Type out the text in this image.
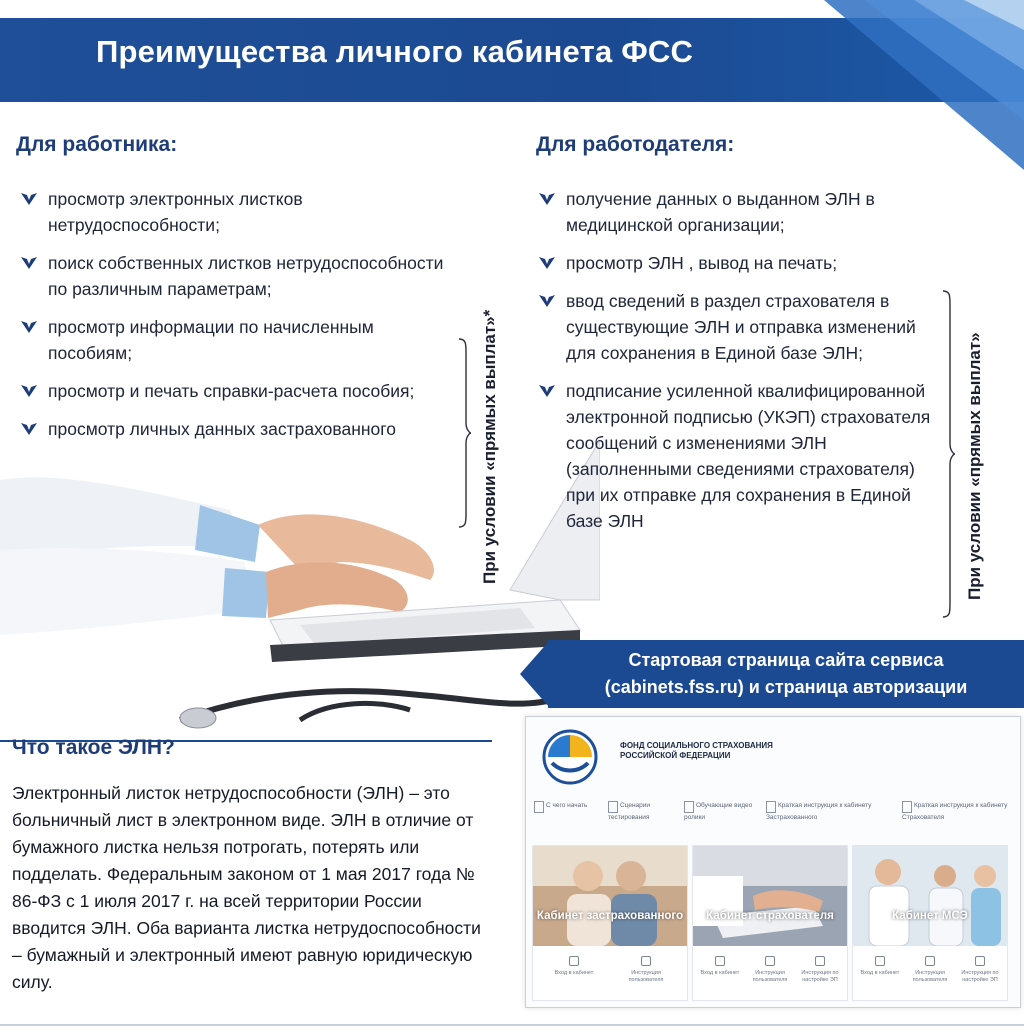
Преимущества личного кабинета ФСС
Для работника:
просмотр электронных листков нетрудоспособности;
поиск собственных листков нетрудоспособности по различным параметрам;
просмотр информации по начисленным пособиям;
просмотр и печать справки-расчета пособия;
просмотр личных данных застрахованного	При условии «прямых выплат»*
Для работодателя:
получение данных о выданном ЭЛН в медицинской организации;
просмотр ЭЛН , вывод на печать;
ввод сведений в раздел страхователя в существующие ЭЛН и отправка изменений для сохранения в Единой базе ЭЛН;
подписание усиленной квалифицированной электронной подписью (УКЭП) страхователя сообщений с изменениями ЭЛН (заполненными сведениями страхователя) при их отправке для сохранения в Единой базе ЭЛН	При условии «прямых выплат»
Стартовая страница сайта сервиса
(cabinets.fss.ru) и страница авторизации
Что такое ЭЛН?
Электронный листок нетрудоспособности (ЭЛН) – это больничный лист в электронном виде. ЭЛН в отличие от бумажного листка нельзя потрогать, потерять или подделать. Федеральным законом от 1 мая 2017 года № 86-ФЗ с 1 июля 2017 г. на всей территории России вводится ЭЛН. Оба варианта листка нетрудоспособности – бумажный и электронный имеют равную юридическую силу.
ФОНД СОЦИАЛЬНОГО СТРАХОВАНИЯ
РОССИЙСКОЙ ФЕДЕРАЦИИ
С чего начать	Сценарии тестирования
Обучающие видео ролики
Краткая инструкция к кабинету Застрахованного
Краткая инструкция к кабинету Страхователя
Кабинет застрахованного
Вход в кабинет	Инструкция пользователя
Кабинет страхователя
Вход в кабинет	Инструкция пользователя
Инструкция по настройке ЭП
Кабинет МСЭ
Вход в кабинет	Инструкция пользователя
Инструкция по настройке ЭП
